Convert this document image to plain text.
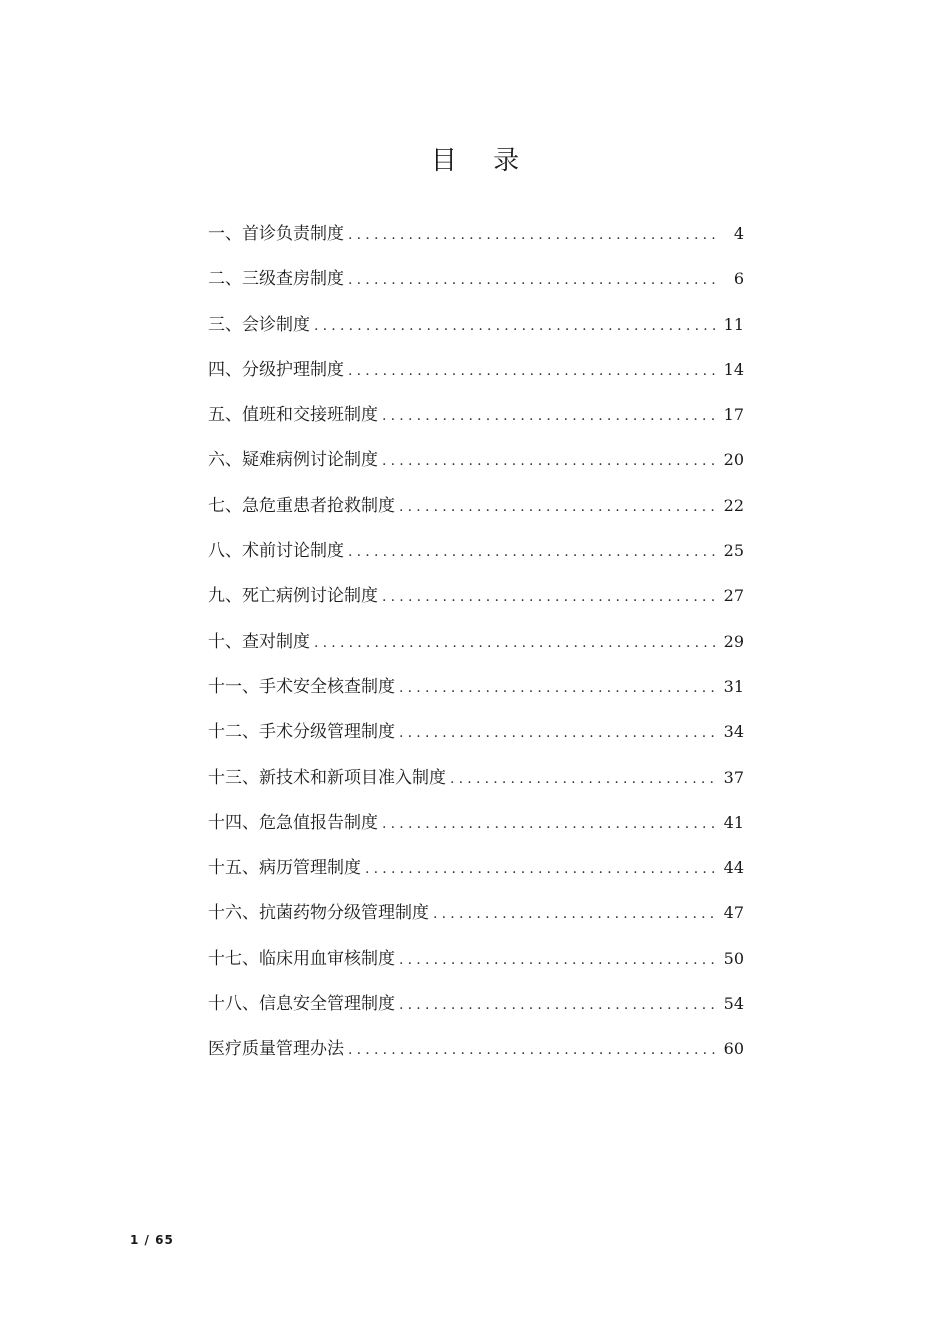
目 录
一、首诊负责制度 .....	4
二、三级查房制度 .....	6
三、会诊制度 .....	11
四、分级护理制度 .....	14
五、值班和交接班制度 .....	17
六、疑难病例讨论制度 .....	20
七、急危重患者抢救制度 .....	22
八、术前讨论制度 .....	25
九、死亡病例讨论制度 .....	27
十、查对制度 .....	29
十一、手术安全核查制度 .....	31
十二、手术分级管理制度 .....	34
十三、新技术和新项目准入制度 .....	37
十四、危急值报告制度 .....	41
十五、病历管理制度 .....	44
十六、抗菌药物分级管理制度 .....	47
十七、临床用血审核制度 .....	50
十八、信息安全管理制度 .....	54
医疗质量管理办法 .....	60
1 / 65
